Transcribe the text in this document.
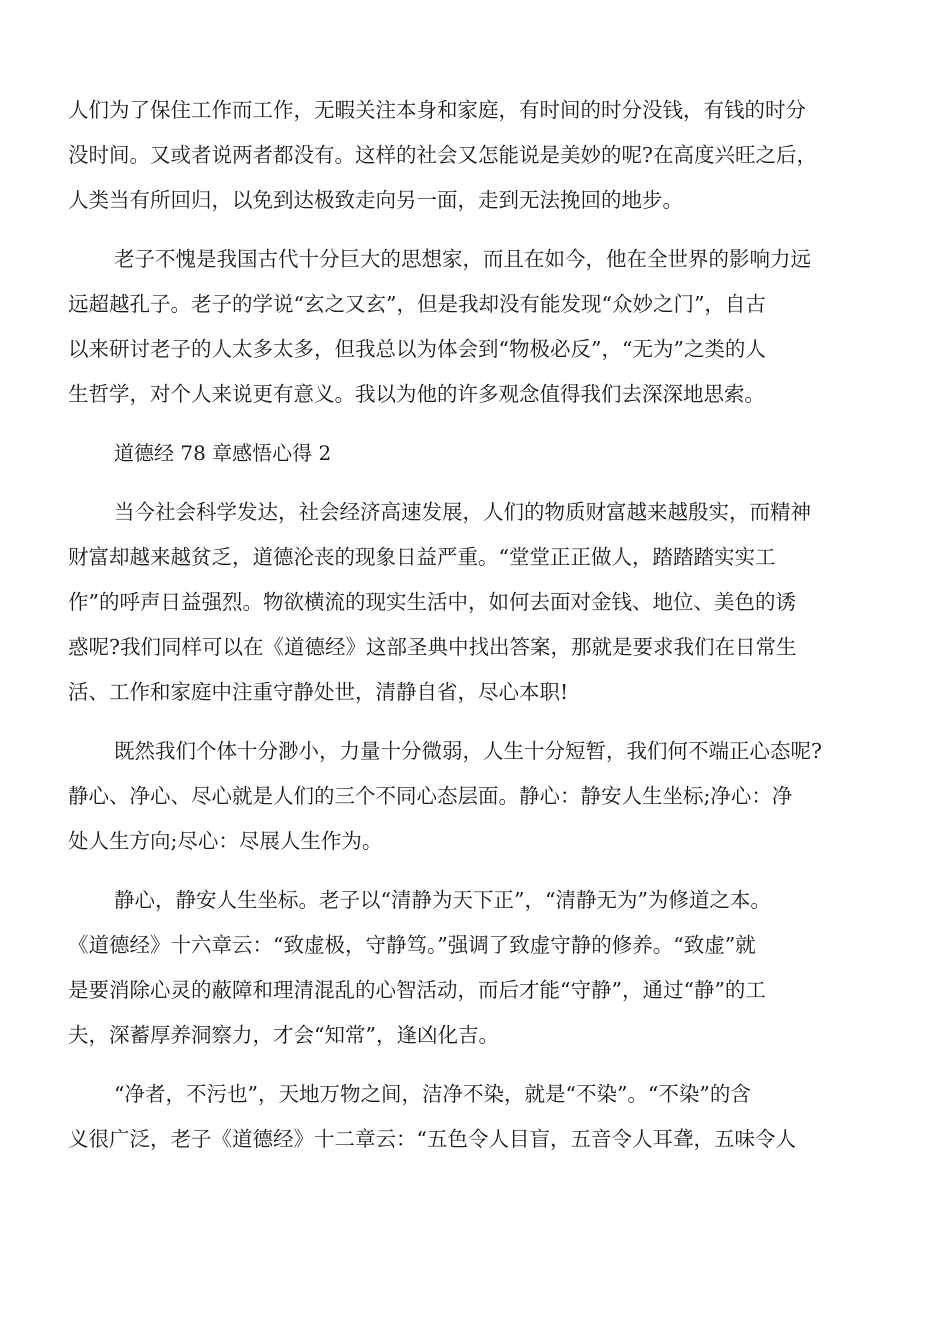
人们为了保住工作而工作，无暇关注本身和家庭，有时间的时分没钱，有钱的时分
没时间。又或者说两者都没有。这样的社会又怎能说是美妙的呢?在高度兴旺之后，
人类当有所回归，以免到达极致走向另一面，走到无法挽回的地步。
老子不愧是我国古代十分巨大的思想家，而且在如今，他在全世界的影响力远
远超越孔子。老子的学说“玄之又玄”，但是我却没有能发现“众妙之门”，自古
以来研讨老子的人太多太多，但我总以为体会到“物极必反”，“无为”之类的人
生哲学，对个人来说更有意义。我以为他的许多观念值得我们去深深地思索。
道德经 78 章感悟心得 2
当今社会科学发达，社会经济高速发展，人们的物质财富越来越殷实，而精神
财富却越来越贫乏，道德沦丧的现象日益严重。“堂堂正正做人，踏踏踏实实工
作”的呼声日益强烈。物欲横流的现实生活中，如何去面对金钱、地位、美色的诱
惑呢?我们同样可以在《道德经》这部圣典中找出答案，那就是要求我们在日常生
活、工作和家庭中注重守静处世，清静自省，尽心本职!
既然我们个体十分渺小，力量十分微弱，人生十分短暂，我们何不端正心态呢?
静心、净心、尽心就是人们的三个不同心态层面。静心：静安人生坐标;净心：净
处人生方向;尽心：尽展人生作为。
静心，静安人生坐标。老子以“清静为天下正”，“清静无为”为修道之本。
《道德经》十六章云：“致虚极，守静笃。”强调了致虚守静的修养。“致虚”就
是要消除心灵的蔽障和理清混乱的心智活动，而后才能“守静”，通过“静”的工
夫，深蓄厚养洞察力，才会“知常”，逢凶化吉。
“净者，不污也”，天地万物之间，洁净不染，就是“不染”。“不染”的含
义很广泛，老子《道德经》十二章云：“五色令人目盲，五音令人耳聋，五味令人
